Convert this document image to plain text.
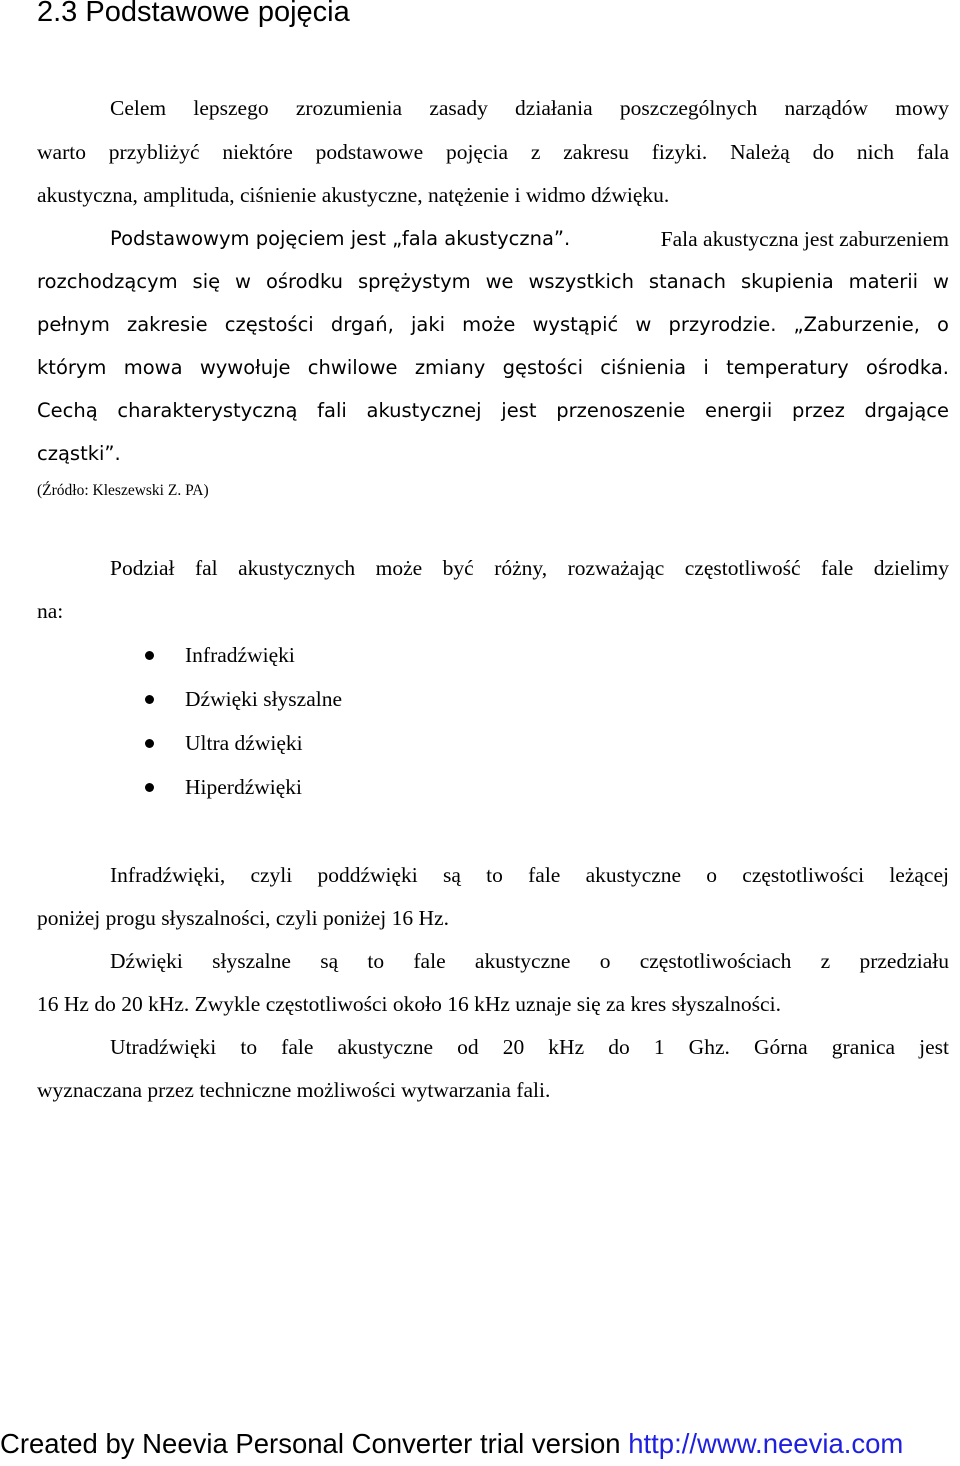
2.3 Podstawowe pojęcia
Celem lepszego zrozumienia zasady działania poszczególnych narządów mowy
warto przybliżyć niektóre podstawowe pojęcia z zakresu fizyki. Należą do nich fala
akustyczna, amplituda, ciśnienie akustyczne, natężenie i widmo dźwięku.
Podstawowym pojęciem jest „fala akustyczna”.	Fala akustyczna jest zaburzeniem
rozchodzącym się w ośrodku sprężystym we wszystkich stanach skupienia materii w
pełnym zakresie częstości drgań, jaki może wystąpić w przyrodzie. „Zaburzenie, o
którym mowa wywołuje chwilowe zmiany gęstości ciśnienia i temperatury ośrodka.
Cechą charakterystyczną fali akustycznej jest przenoszenie energii przez drgające
cząstki”.
(Źródło: Kleszewski Z. PA)
Podział fal akustycznych może być różny, rozważając częstotliwość fale dzielimy
na:
Infradźwięki
Dźwięki słyszalne
Ultra dźwięki
Hiperdźwięki
Infradźwięki, czyli poddźwięki są to fale akustyczne o częstotliwości leżącej
poniżej progu słyszalności, czyli poniżej 16 Hz.
Dźwięki słyszalne są to fale akustyczne o częstotliwościach z przedziału
16 Hz do 20 kHz. Zwykle częstotliwości około 16 kHz uznaje się za kres słyszalności.
Utradźwięki to fale akustyczne od 20 kHz do 1 Ghz. Górna granica jest
wyznaczana przez techniczne możliwości wytwarzania fali.
Created by Neevia Personal Converter trial version http://www.neevia.com
